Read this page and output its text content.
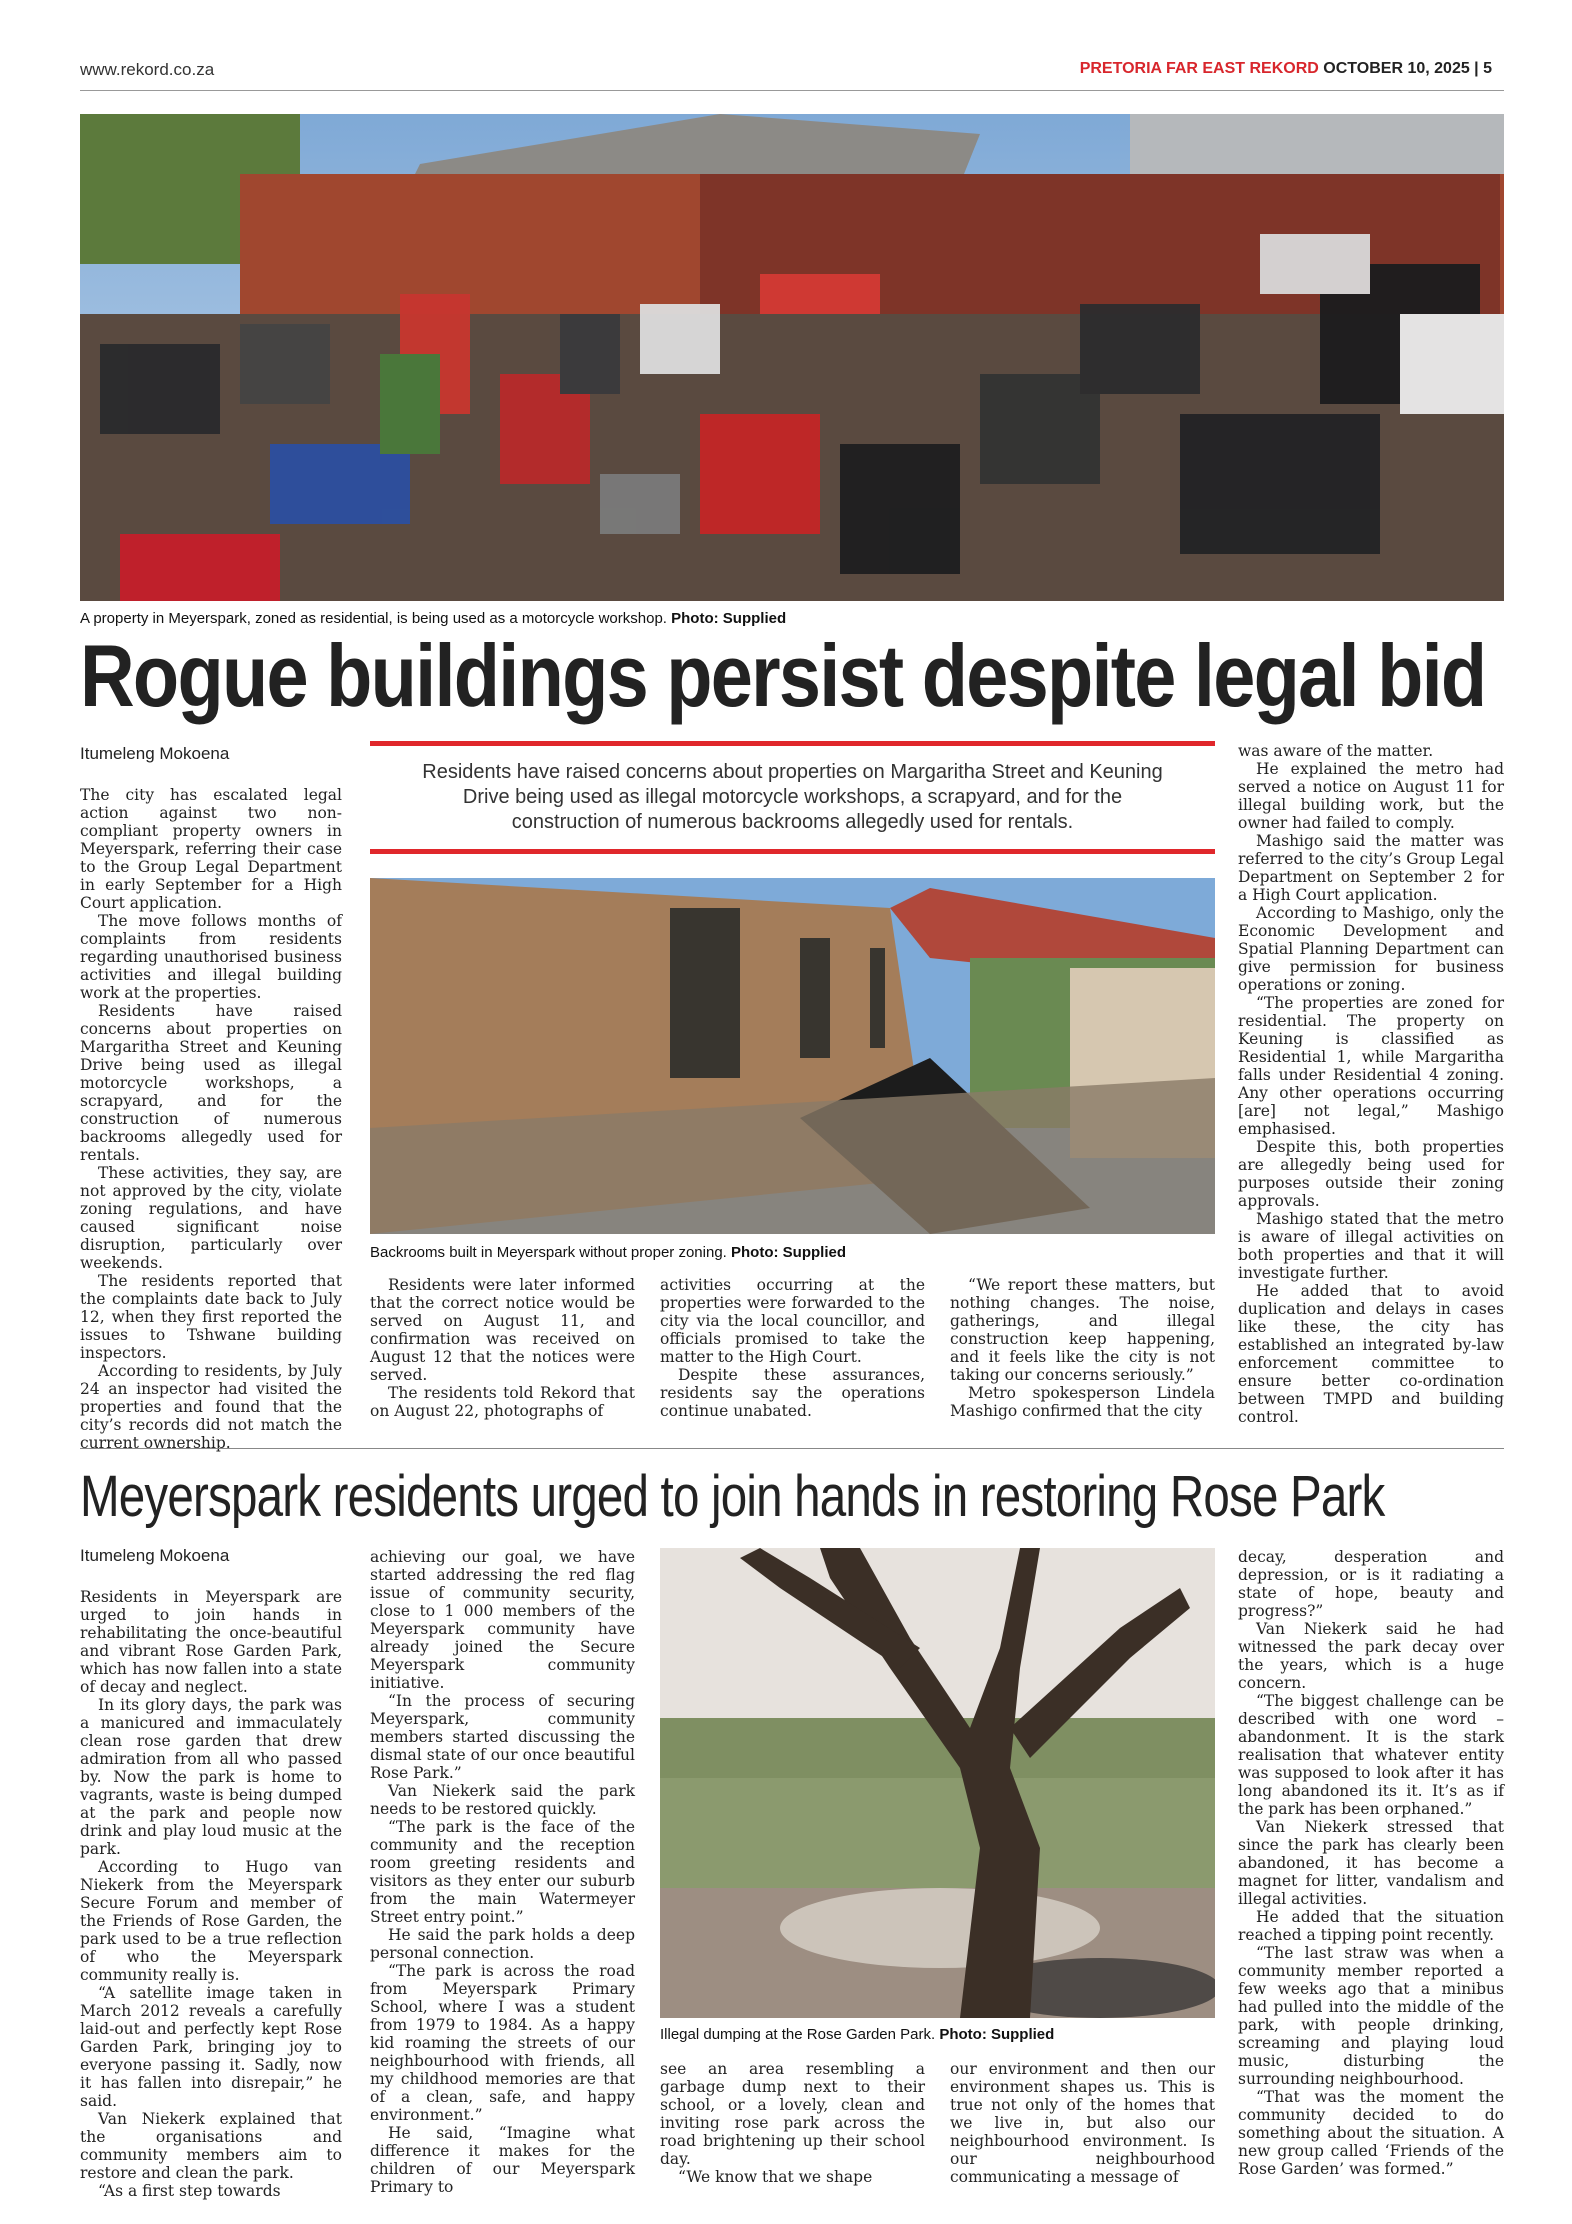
www.rekord.co.za	PRETORIA FAR EAST REKORD OCTOBER 10, 2025 | 5
A property in Meyerspark, zoned as residential, is being used as a motorcycle workshop. Photo: Supplied
Rogue buildings persist despite legal bid
Itumeleng Mokoena

The city has escalated legal action against two non-compliant property owners in Meyerspark, referring their case to the Group Legal Department in early September for a High Court application.

The move follows months of complaints from residents regarding unauthorised business activities and illegal building work at the properties.

Residents have raised concerns about properties on Margaritha Street and Keuning Drive being used as illegal motorcycle workshops, a scrapyard, and for the construction of numerous backrooms allegedly used for rentals.

These activities, they say, are not approved by the city, violate zoning regulations, and have caused significant noise disruption, particularly over weekends.

The residents reported that the complaints date back to July 12, when they first reported the issues to Tshwane building inspectors.

According to residents, by July 24 an inspector had visited the properties and found that the city’s records did not match the current ownership.

Residents have raised concerns about properties on Margaritha Street and Keuning Drive being used as illegal motorcycle workshops, a scrapyard, and for the construction of numerous backrooms allegedly used for rentals.
Backrooms built in Meyerspark without proper zoning. Photo: Supplied

Residents were later informed that the correct notice would be served on August 11, and confirmation was received on August 12 that the notices were served.

The residents told Rekord that on August 22, photographs of

activities occurring at the properties were forwarded to the city via the local councillor, and officials promised to take the matter to the High Court.

Despite these assurances, residents say the operations continue unabated.

“We report these matters, but nothing changes. The noise, gatherings, and illegal construction keep happening, and it feels like the city is not taking our concerns seriously.”

Metro spokesperson Lindela Mashigo confirmed that the city

was aware of the matter.

He explained the metro had served a notice on August 11 for illegal building work, but the owner had failed to comply.

Mashigo said the matter was referred to the city’s Group Legal Department on September 2 for a High Court application.

According to Mashigo, only the Economic Development and Spatial Planning Department can give permission for business operations or zoning.

“The properties are zoned for residential. The property on Keuning is classified as Residential 1, while Margaritha falls under Residential 4 zoning. Any other operations occurring [are] not legal,” Mashigo emphasised.

Despite this, both properties are allegedly being used for purposes outside their zoning approvals.

Mashigo stated that the metro is aware of illegal activities on both properties and that it will investigate further.

He added that to avoid duplication and delays in cases like these, the city has established an integrated by-law enforcement committee to ensure better co-ordination between TMPD and building control.

Meyerspark residents urged to join hands in restoring Rose Park
Itumeleng Mokoena

Residents in Meyerspark are urged to join hands in rehabilitating the once-beautiful and vibrant Rose Garden Park, which has now fallen into a state of decay and neglect.

In its glory days, the park was a manicured and immaculately clean rose garden that drew admiration from all who passed by. Now the park is home to vagrants, waste is being dumped at the park and people now drink and play loud music at the park.

According to Hugo van Niekerk from the Meyerspark Secure Forum and member of the Friends of Rose Garden, the park used to be a true reflection of who the Meyerspark community really is.

“A satellite image taken in March 2012 reveals a carefully laid-out and perfectly kept Rose Garden Park, bringing joy to everyone passing it. Sadly, now it has fallen into disrepair,” he said.

Van Niekerk explained that the organisations and community members aim to restore and clean the park.

“As a first step towards

achieving our goal, we have started addressing the red flag issue of community security, close to 1 000 members of the Meyerspark community have already joined the Secure Meyerspark community initiative.

“In the process of securing Meyerspark, community members started discussing the dismal state of our once beautiful Rose Park.”

Van Niekerk said the park needs to be restored quickly.

“The park is the face of the community and the reception room greeting residents and visitors as they enter our suburb from the main Watermeyer Street entry point.”

He said the park holds a deep personal connection.

“The park is across the road from Meyerspark Primary School, where I was a student from 1979 to 1984. As a happy kid roaming the streets of our neighbourhood with friends, all my childhood memories are that of a clean, safe, and happy environment.”

He said, “Imagine what difference it makes for the children of our Meyerspark Primary to

Illegal dumping at the Rose Garden Park. Photo: Supplied

see an area resembling a garbage dump next to their school, or a lovely, clean and inviting rose park across the road brightening up their school day.

“We know that we shape

our environment and then our environment shapes us. This is true not only of the homes that we live in, but also our neighbourhood environment. Is our neighbourhood communicating a message of

decay, desperation and depression, or is it radiating a state of hope, beauty and progress?”

Van Niekerk said he had witnessed the park decay over the years, which is a huge concern.

“The biggest challenge can be described with one word – abandonment. It is the stark realisation that whatever entity was supposed to look after it has long abandoned its it. It’s as if the park has been orphaned.”

Van Niekerk stressed that since the park has clearly been abandoned, it has become a magnet for litter, vandalism and illegal activities.

He added that the situation reached a tipping point recently.

“The last straw was when a community member reported a few weeks ago that a minibus had pulled into the middle of the park, with people drinking, screaming and playing loud music, disturbing the surrounding neighbourhood.

“That was the moment the community decided to do something about the situation. A new group called ‘Friends of the Rose Garden’ was formed.”
